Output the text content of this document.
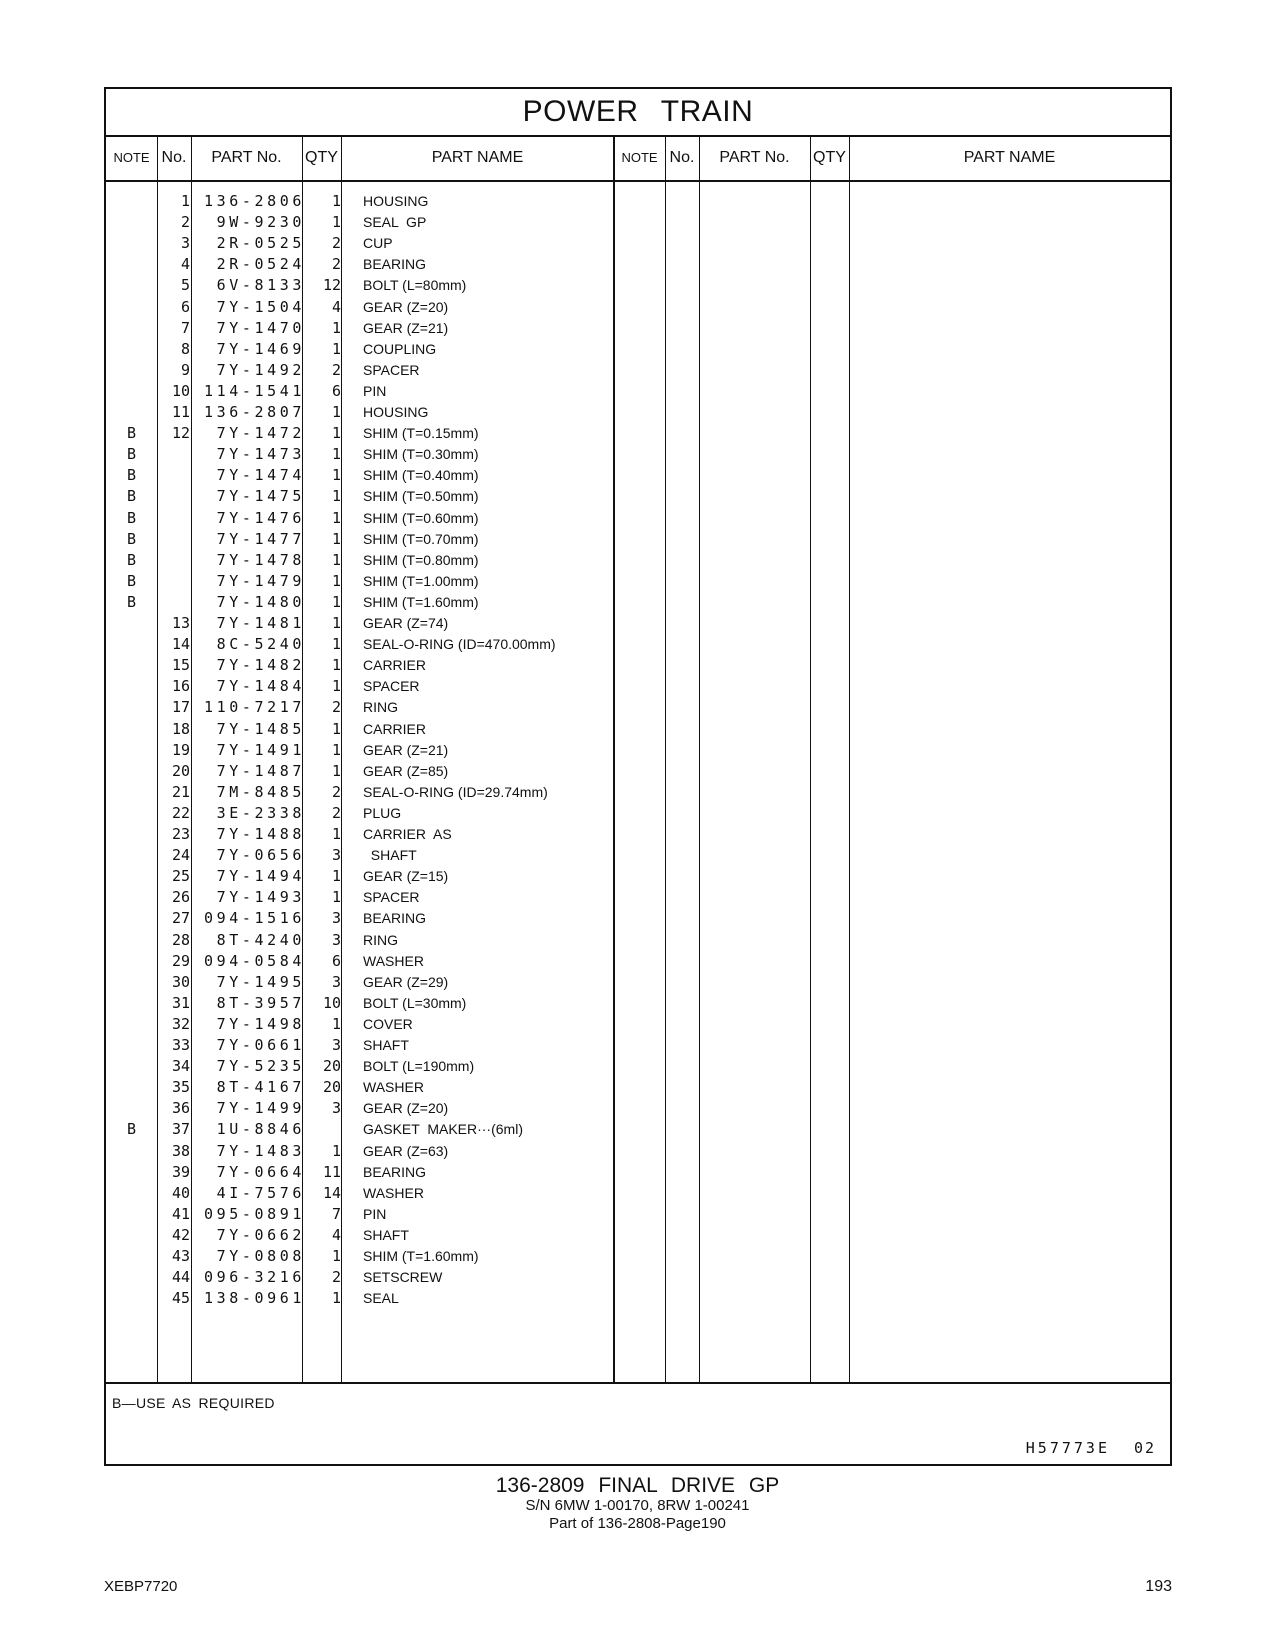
POWER TRAIN
NOTE No.	PART No.	QTY	PART NAME	NOTE No.	PART No.	QTY	PART NAME
1 136-2806	1 HOUSING
2	9W-9230	1 SEAL  GP
3	2R-0525	2 CUP
4	2R-0524	2 BEARING
5	6V-8133	12 BOLT (L=80mm)
6	7Y-1504	4 GEAR (Z=20)
7	7Y-1470	1 GEAR (Z=21)
8	7Y-1469	1 COUPLING
9	7Y-1492	2 SPACER
10 114-1541	6 PIN
11 136-2807	1 HOUSING
B	12	7Y-1472	1 SHIM (T=0.15mm)
B	7Y-1473	1 SHIM (T=0.30mm)
B	7Y-1474	1 SHIM (T=0.40mm)
B	7Y-1475	1 SHIM (T=0.50mm)
B	7Y-1476	1 SHIM (T=0.60mm)
B	7Y-1477	1 SHIM (T=0.70mm)
B	7Y-1478	1 SHIM (T=0.80mm)
B	7Y-1479	1 SHIM (T=1.00mm)
B	7Y-1480	1 SHIM (T=1.60mm)
13	7Y-1481	1 GEAR (Z=74)
14	8C-5240	1 SEAL-O-RING (ID=470.00mm)
15	7Y-1482	1 CARRIER
16	7Y-1484	1 SPACER
17 110-7217	2 RING
18	7Y-1485	1 CARRIER
19	7Y-1491	1 GEAR (Z=21)
20	7Y-1487	1 GEAR (Z=85)
21	7M-8485	2 SEAL-O-RING (ID=29.74mm)
22	3E-2338	2 PLUG
23	7Y-1488	1 CARRIER  AS
24	7Y-0656	3 SHAFT
25	7Y-1494	1 GEAR (Z=15)
26	7Y-1493	1 SPACER
27 094-1516	3 BEARING
28	8T-4240	3 RING
29 094-0584	6 WASHER
30	7Y-1495	3 GEAR (Z=29)
31	8T-3957	10 BOLT (L=30mm)
32	7Y-1498	1 COVER
33	7Y-0661	3 SHAFT
34	7Y-5235	20 BOLT (L=190mm)
35	8T-4167	20 WASHER
36	7Y-1499	3 GEAR (Z=20)
B	37	1U-8846	GASKET  MAKER···(6ml)
38	7Y-1483	1 GEAR (Z=63)
39	7Y-0664	11 BEARING
40	4I-7576	14 WASHER
41 095-0891	7 PIN
42	7Y-0662	4 SHAFT
43	7Y-0808	1 SHIM (T=1.60mm)
44 096-3216	2 SETSCREW
45 138-0961	1 SEAL
B—USE AS REQUIRED
H57773E 02
136-2809 FINAL DRIVE GP
S/N 6MW 1-00170, 8RW 1-00241
Part of 136-2808-Page190
XEBP7720	193
